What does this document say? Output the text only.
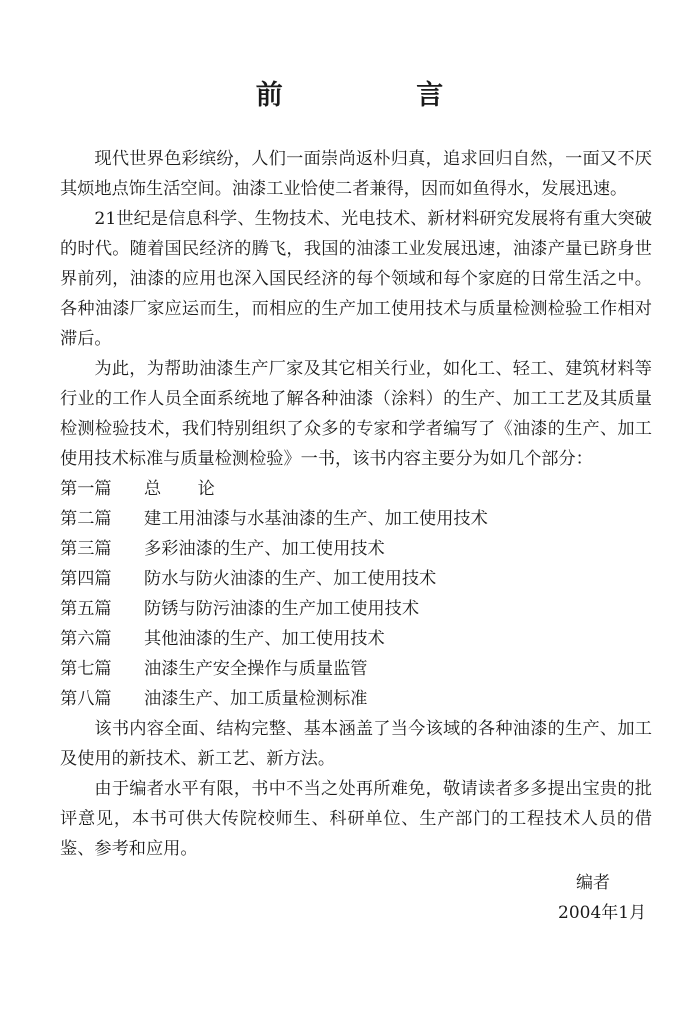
前 言

现代世界色彩缤纷，人们一面崇尚返朴归真，追求回归自然，一面又不厌其烦地点饰生活空间。油漆工业恰使二者兼得，因而如鱼得水，发展迅速。

21世纪是信息科学、生物技术、光电技术、新材料研究发展将有重大突破的时代。随着国民经济的腾飞，我国的油漆工业发展迅速，油漆产量已跻身世界前列，油漆的应用也深入国民经济的每个领域和每个家庭的日常生活之中。各种油漆厂家应运而生，而相应的生产加工使用技术与质量检测检验工作相对滞后。

为此，为帮助油漆生产厂家及其它相关行业，如化工、轻工、建筑材料等行业的工作人员全面系统地了解各种油漆（涂料）的生产、加工工艺及其质量检测检验技术，我们特别组织了众多的专家和学者编写了《油漆的生产、加工使用技术标准与质量检测检验》一书，该书内容主要分为如几个部分：

第一篇	总 论
第二篇	建工用油漆与水基油漆的生产、加工使用技术
第三篇	多彩油漆的生产、加工使用技术
第四篇	防水与防火油漆的生产、加工使用技术
第五篇	防锈与防污油漆的生产加工使用技术
第六篇	其他油漆的生产、加工使用技术
第七篇	油漆生产安全操作与质量监管
第八篇	油漆生产、加工质量检测标准

该书内容全面、结构完整、基本涵盖了当今该域的各种油漆的生产、加工及使用的新技术、新工艺、新方法。

由于编者水平有限，书中不当之处再所难免，敬请读者多多提出宝贵的批评意见，本书可供大传院校师生、科研单位、生产部门的工程技术人员的借鉴、参考和应用。

编者
2004年1月
